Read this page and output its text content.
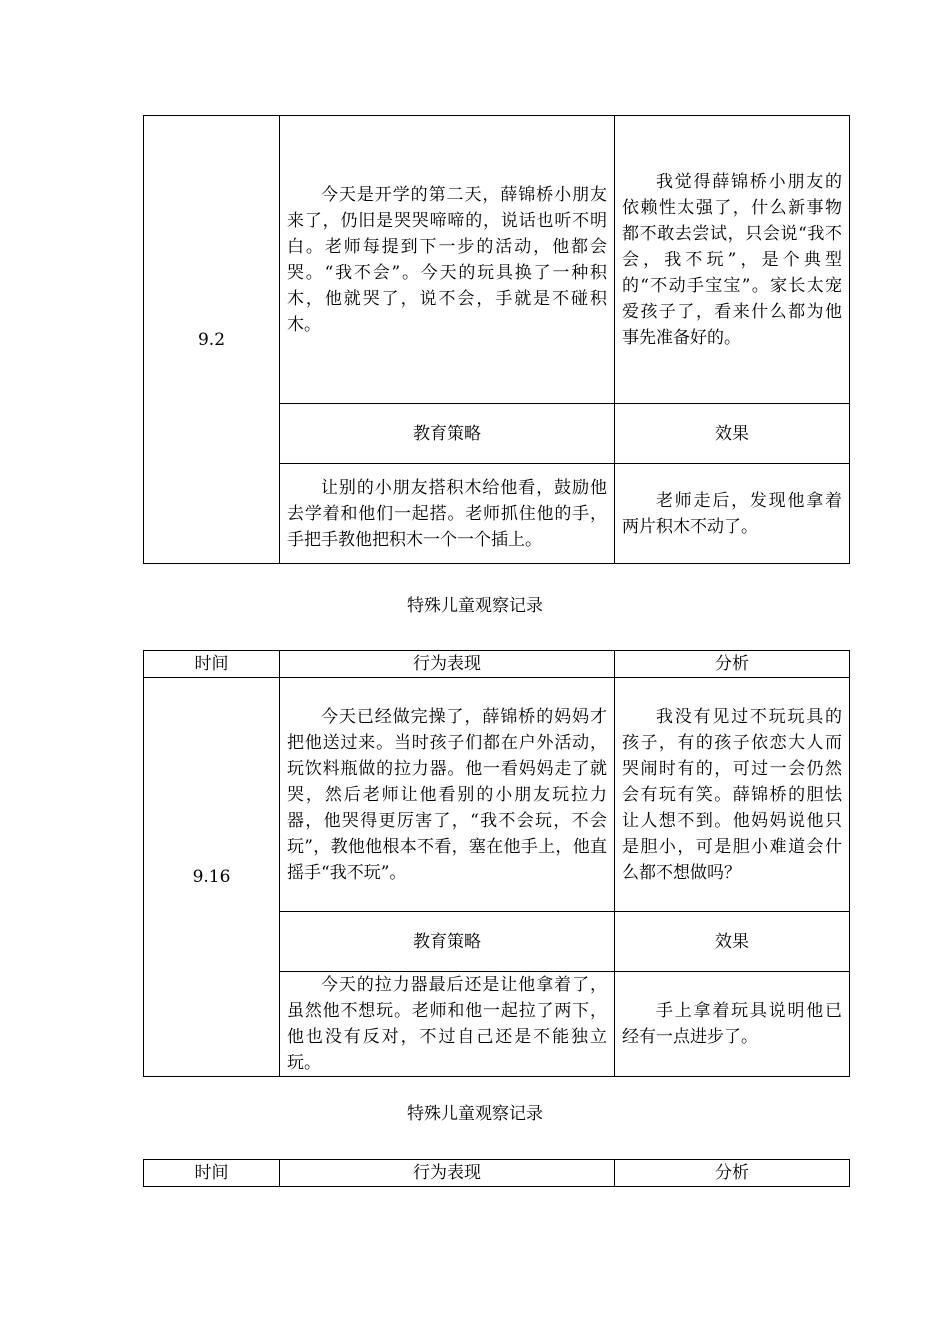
9.2	今天是开学的第二天，薛锦桥小朋友来了，仍旧是哭哭啼啼的，说话也听不明白。老师每提到下一步的活动，他都会哭。“我不会”。今天的玩具换了一种积木，他就哭了，说不会，手就是不碰积木。	我觉得薛锦桥小朋友的依赖性太强了，什么新事物都不敢去尝试，只会说“我不会，我不玩”，是个典型的“不动手宝宝”。家长太宠爱孩子了，看来什么都为他事先准备好的。

	教育策略	效果

	让别的小朋友搭积木给他看，鼓励他去学着和他们一起搭。老师抓住他的手，手把手教他把积木一个一个插上。	老师走后，发现他拿着两片积木不动了。

特殊儿童观察记录
时间	行为表现	分析
9.16	今天已经做完操了，薛锦桥的妈妈才把他送过来。当时孩子们都在户外活动，玩饮料瓶做的拉力器。他一看妈妈走了就哭，然后老师让他看别的小朋友玩拉力器，他哭得更厉害了，“我不会玩，不会玩”，教他他根本不看，塞在他手上，他直摇手“我不玩”。	我没有见过不玩玩具的孩子，有的孩子依恋大人而哭闹时有的，可过一会仍然会有玩有笑。薛锦桥的胆怯让人想不到。他妈妈说他只是胆小，可是胆小难道会什么都不想做吗？

	教育策略	效果

	今天的拉力器最后还是让他拿着了，虽然他不想玩。老师和他一起拉了两下，他也没有反对，不过自己还是不能独立玩。	手上拿着玩具说明他已经有一点进步了。

特殊儿童观察记录
时间	行为表现	分析
